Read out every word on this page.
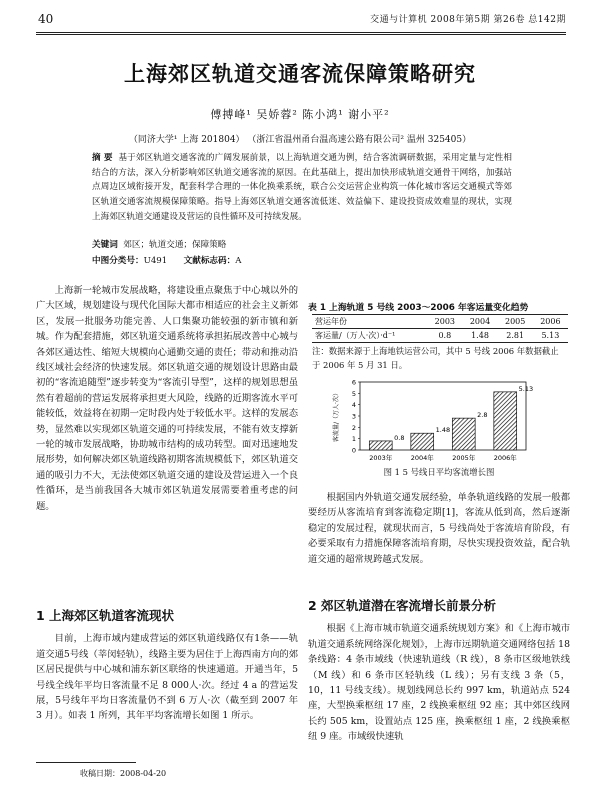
40	交通与计算机 2008年第5期 第26卷 总142期
上海郊区轨道交通客流保障策略研究
傅搏峰¹ 吴娇蓉² 陈小鸿¹ 谢小平²
（同济大学¹ 上海 201804） （浙江省温州甬台温高速公路有限公司² 温州 325405）
摘 要 基于郊区轨道交通客流的广阔发展前景，以上海轨道交通为例，结合客流调研数据，采用定量与定性相结合的方法，深入分析影响郊区轨道交通客流的原因。在此基础上，提出加快形成轨道交通骨干网络，加强站点周边区域衔接开发，配套科学合理的一体化换乘系统，联合公交运营企业构筑一体化城市客运交通模式等郊区轨道交通客流规模保障策略。指导上海郊区轨道交通客流低迷、效益偏下、建设投资成效难显的现状，实现上海郊区轨道交通建设及营运的良性循环及可持续发展。
关键词 郊区；轨道交通；保障策略
中图分类号：U491 文献标志码：A

上海新一轮城市发展战略，将建设重点聚焦于中心城以外的广大区域，规划建设与现代化国际大都市相适应的社会主义新郊区，发展一批服务功能完善、人口集聚功能较强的新市镇和新城。作为配套措施，郊区轨道交通系统将承担拓展改善中心城与各郊区通达性、缩短大规模向心通勤交通的责任；带动和推动沿线区域社会经济的快速发展。郊区轨道交通的规划设计思路由最初的“客流追随型”逐步转变为“客流引导型”，这样的规划思想虽然有着超前的营运发展将承担更大风险，线路的近期客流水平可能较低，效益将在初期一定时段内处于较低水平。这样的发展态势，显然难以实现郊区轨道交通的可持续发展，不能有效支撑新一轮的城市发展战略，协助城市结构的成功转型。面对迅速地发展形势，如何解决郊区轨道线路初期客流规模低下，郊区轨道交通的吸引力不大，无法使郊区轨道交通的建设及营运进入一个良性循环，是当前我国各大城市郊区轨道发展需要着重考虑的问题。

1 上海郊区轨道客流现状

目前，上海市域内建成营运的郊区轨道线路仅有1条——轨道交通5号线（莘闵轻轨），线路主要为居住于上海西南方向的郊区居民提供与中心城和浦东新区联络的快速通道。开通当年，5号线全线年平均日客流量不足 8 000人·次。经过 4 a 的营运发展，5号线年平均日客流量仍不到 6 万人·次（截至到 2007 年 3 月）。如表 1 所列，其年平均客流增长如图 1 所示。

收稿日期：2008-04-20
表 1 上海轨道 5 号线 2003～2006 年客运量变化趋势
营运年份	2003	2004	2005	2006
客运量/（万人·次）·d⁻¹	0.8	1.48	2.81	5.13
注：数据来源于上海地铁运营公司，其中 5 号线 2006 年数据截止于 2006 年 5 月 31 日。
0
1
2
3
4
5
6
客流量/（万人·次）	0.8
2003年
1.48
2004年
2.8
2005年
5.13
2006年
图 1 5 号线日平均客流增长图

根据国内外轨道交通发展经验，单条轨道线路的发展一般都要经历从客流培育到客流稳定期[1]，客流从低到高，然后逐渐稳定的发展过程，就现状而言，5 号线尚处于客流培育阶段，有必要采取有力措施保障客流培育期，尽快实现投资效益，配合轨道交通的超常规跨越式发展。

2 郊区轨道潜在客流增长前景分析

根据《上海市城市轨道交通系统规划方案》和《上海市城市轨道交通系统网络深化规划》，上海市远期轨道交通网络包括 18 条线路：4 条市域线（快速轨道线（R 线），8 条市区级地铁线（M 线）和 6 条市区轻轨线（L 线）；另有支线 3 条（5，10，11 号线支线）。规划线网总长约 997 km，轨道站点 524 座，大型换乘枢纽 17 座，2 线换乘枢纽 92 座；其中郊区线网长约 505 km，设置站点 125 座，换乘枢纽 1 座，2 线换乘枢纽 9 座。市域级快速轨
